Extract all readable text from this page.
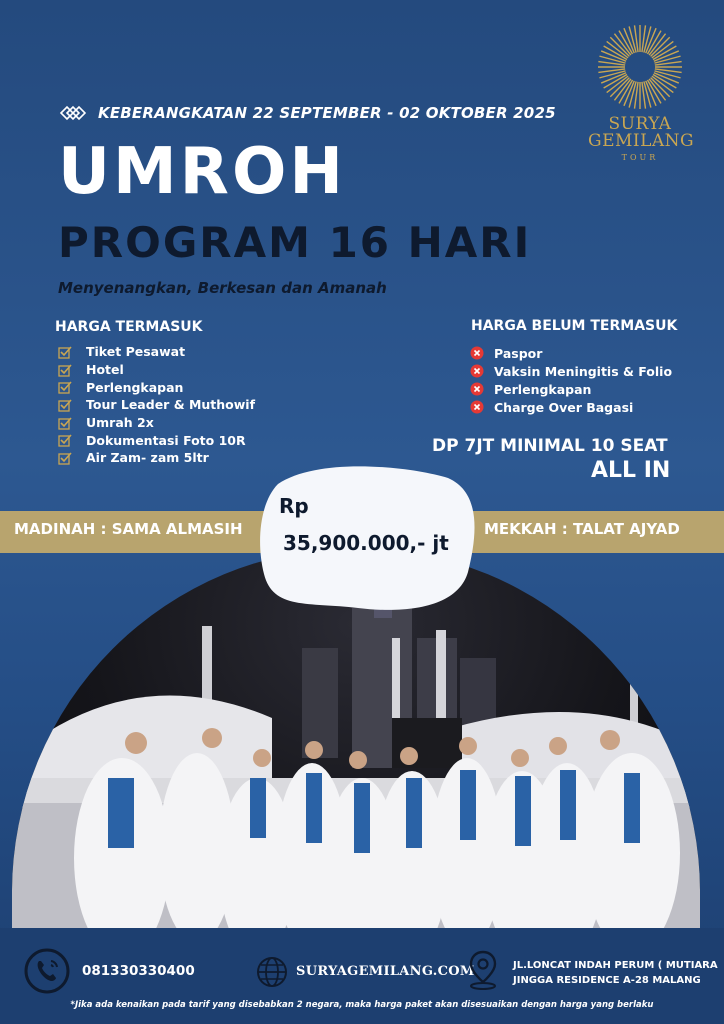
KEBERANGKATAN 22 SEPTEMBER - 02 OKTOBER 2025
SURYA
GEMILANG
TOUR
UMROH
PROGRAM 16 HARI
Menyenangkan, Berkesan dan Amanah
HARGA TERMASUK
Tiket Pesawat
Hotel
Perlengkapan
Tour Leader & Muthowif
Umrah 2x
Dokumentasi Foto 10R
Air Zam- zam 5ltr
HARGA BELUM TERMASUK
Paspor
Vaksin Meningitis & Folio
Perlengkapan
Charge Over Bagasi
DP 7JT MINIMAL 10 SEAT
ALL IN
MADINAH : SAMA ALMASIH	MEKKAH : TALAT AJYAD
Rp
35,900.000,- jt
081330330400	SURYAGEMILANG.COM	JL.LONCAT INDAH PERUM ( MUTIARA JINGGA RESIDENCE A-28 MALANG
*Jika ada kenaikan pada tarif yang disebabkan 2 negara, maka harga paket akan disesuaikan dengan harga yang berlaku
